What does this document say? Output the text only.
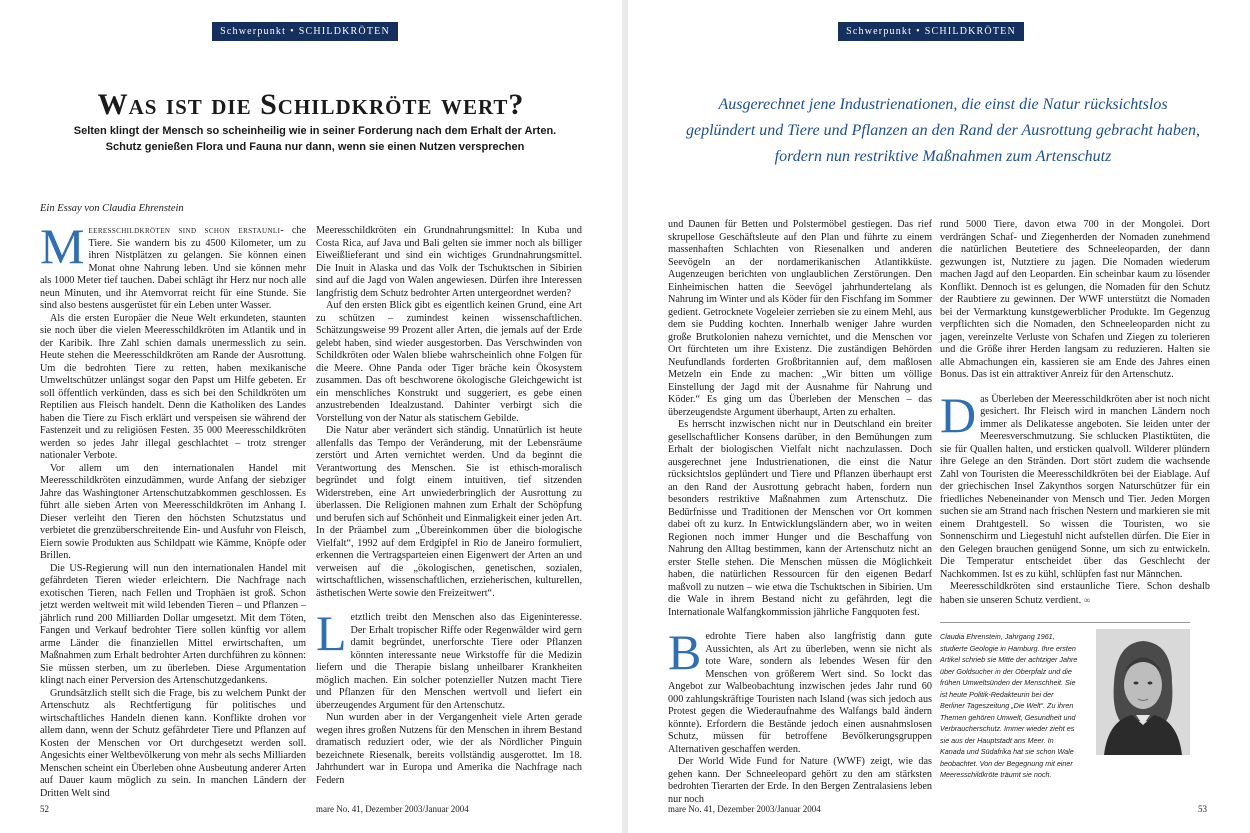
Schwerpunkt • SCHILDKRÖTEN
Was ist die Schildkröte wert?
Selten klingt der Mensch so scheinheilig wie in seiner Forderung nach dem Erhalt der Arten.
Schutz genießen Flora und Fauna nur dann, wenn sie einen Nutzen versprechen
Ein Essay von Claudia Ehrenstein

Meeresschildkröten sind schon erstaunli- che Tiere. Sie wandern bis zu 4500 Kilometer, um zu ihren Nistplätzen zu gelangen. Sie können einen Monat ohne Nahrung leben. Und sie können mehr als 1000 Meter tief tauchen. Dabei schlägt ihr Herz nur noch alle neun Minuten, und ihr Atemvorrat reicht für eine Stunde. Sie sind also bestens ausgerüstet für ein Leben unter Wasser.

Als die ersten Europäer die Neue Welt erkundeten, staunten sie noch über die vielen Meeresschildkröten im Atlantik und in der Karibik. Ihre Zahl schien damals unermesslich zu sein. Heute stehen die Meeresschildkröten am Rande der Ausrottung. Um die bedrohten Tiere zu retten, haben mexikanische Umweltschützer unlängst sogar den Papst um Hilfe gebeten. Er soll öffentlich verkünden, dass es sich bei den Schildkröten um Reptilien aus Fleisch handelt. Denn die Katholiken des Landes haben die Tiere zu Fisch erklärt und verspeisen sie während der Fastenzeit und zu religiösen Festen. 35 000 Meeresschildkröten werden so jedes Jahr illegal geschlachtet – trotz strenger nationaler Verbote.

Vor allem um den internationalen Handel mit Meeresschildkröten einzudämmen, wurde Anfang der siebziger Jahre das Washingtoner Artenschutzabkommen geschlossen. Es führt alle sieben Arten von Meeresschildkröten im Anhang I. Dieser verleiht den Tieren den höchsten Schutzstatus und verbietet die grenzüberschreitende Ein- und Ausfuhr von Fleisch, Eiern sowie Produkten aus Schildpatt wie Kämme, Knöpfe oder Brillen.

Die US-Regierung will nun den internationalen Handel mit gefährdeten Tieren wieder erleichtern. Die Nachfrage nach exotischen Tieren, nach Fellen und Trophäen ist groß. Schon jetzt werden weltweit mit wild lebenden Tieren – und Pflanzen – jährlich rund 200 Milliarden Dollar umgesetzt. Mit dem Töten, Fangen und Verkauf bedrohter Tiere sollen künftig vor allem arme Länder die finanziellen Mittel erwirtschaften, um Maßnahmen zum Erhalt bedrohter Arten durchführen zu können: Sie müssen sterben, um zu überleben. Diese Argumentation klingt nach einer Perversion des Artenschutzgedankens.

Grundsätzlich stellt sich die Frage, bis zu welchem Punkt der Artenschutz als Rechtfertigung für politisches und wirtschaftliches Handeln dienen kann. Konflikte drohen vor allem dann, wenn der Schutz gefährdeter Tiere und Pflanzen auf Kosten der Menschen vor Ort durchgesetzt werden soll. Angesichts einer Weltbevölkerung von mehr als sechs Milliarden Menschen scheint ein Überleben ohne Ausbeutung anderer Arten auf Dauer kaum möglich zu sein. In manchen Ländern der Dritten Welt sind

Meeresschildkröten ein Grundnahrungsmittel: In Kuba und Costa Rica, auf Java und Bali gelten sie immer noch als billiger Eiweißlieferant und sind ein wichtiges Grundnahrungsmittel. Die Inuit in Alaska und das Volk der Tschuktschen in Sibirien sind auf die Jagd von Walen angewiesen. Dürfen ihre Interessen langfristig dem Schutz bedrohter Arten untergeordnet werden?

Auf den ersten Blick gibt es eigentlich keinen Grund, eine Art zu schützen – zumindest keinen wissenschaftlichen. Schätzungsweise 99 Prozent aller Arten, die jemals auf der Erde gelebt haben, sind wieder ausgestorben. Das Verschwinden von Schildkröten oder Walen bliebe wahrscheinlich ohne Folgen für die Meere. Ohne Panda oder Tiger bräche kein Ökosystem zusammen. Das oft beschworene ökologische Gleichgewicht ist ein menschliches Konstrukt und suggeriert, es gebe einen anzustrebenden Idealzustand. Dahinter verbirgt sich die Vorstellung von der Natur als statischem Gebilde.

Die Natur aber verändert sich ständig. Unnatürlich ist heute allenfalls das Tempo der Veränderung, mit der Lebensräume zerstört und Arten vernichtet werden. Und da beginnt die Verantwortung des Menschen. Sie ist ethisch-moralisch begründet und folgt einem intuitiven, tief sitzenden Widerstreben, eine Art unwiederbringlich der Ausrottung zu überlassen. Die Religionen mahnen zum Erhalt der Schöpfung und berufen sich auf Schönheit und Einmaligkeit einer jeden Art. In der Präambel zum „Übereinkommen über die biologische Vielfalt“, 1992 auf dem Erdgipfel in Rio de Janeiro formuliert, erkennen die Vertragsparteien einen Eigenwert der Arten an und verweisen auf die „ökologischen, genetischen, sozialen, wirtschaftlichen, wissenschaftlichen, erzieherischen, kulturellen, ästhetischen Werte sowie den Freizeitwert“.

Letztlich treibt den Menschen also das Eigeninteresse. Der Erhalt tropischer Riffe oder Regenwälder wird gern damit begründet, unerforschte Tiere oder Pflanzen könnten interessante neue Wirkstoffe für die Medizin liefern und die Therapie bislang unheilbarer Krankheiten möglich machen. Ein solcher potenzieller Nutzen macht Tiere und Pflanzen für den Menschen wertvoll und liefert ein überzeugendes Argument für den Artenschutz.

Nun wurden aber in der Vergangenheit viele Arten gerade wegen ihres großen Nutzens für den Menschen in ihrem Bestand dramatisch reduziert oder, wie der als Nördlicher Pinguin bezeichnete Riesenalk, bereits vollständig ausgerottet. Im 18. Jahrhundert war in Europa und Amerika die Nachfrage nach Federn

52	mare No. 41, Dezember 2003/Januar 2004
Schwerpunkt • SCHILDKRÖTEN
Ausgerechnet jene Industrienationen, die einst die Natur rücksichtslos
geplündert und Tiere und Pflanzen an den Rand der Ausrottung gebracht haben,
fordern nun restriktive Maßnahmen zum Artenschutz

und Daunen für Betten und Polstermöbel gestiegen. Das rief skrupellose Geschäftsleute auf den Plan und führte zu einem massenhaften Schlachten von Riesenalken und anderen Seevögeln an der nordamerikanischen Atlantikküste. Augenzeugen berichten von unglaublichen Zerstörungen. Den Einheimischen hatten die Seevögel jahrhundertelang als Nahrung im Winter und als Köder für den Fischfang im Sommer gedient. Getrocknete Vogeleier zerrieben sie zu einem Mehl, aus dem sie Pudding kochten. Innerhalb weniger Jahre wurden große Brutkolonien nahezu vernichtet, und die Menschen vor Ort fürchteten um ihre Existenz. Die zuständigen Behörden Neufundlands forderten Großbritannien auf, dem maßlosen Metzeln ein Ende zu machen: „Wir bitten um völlige Einstellung der Jagd mit der Ausnahme für Nahrung und Köder.“ Es ging um das Überleben der Menschen – das überzeugendste Argument überhaupt, Arten zu erhalten.

Es herrscht inzwischen nicht nur in Deutschland ein breiter gesellschaftlicher Konsens darüber, in den Bemühungen zum Erhalt der biologischen Vielfalt nicht nachzulassen. Doch ausgerechnet jene Industrienationen, die einst die Natur rücksichtslos geplündert und Tiere und Pflanzen überhaupt erst an den Rand der Ausrottung gebracht haben, fordern nun besonders restriktive Maßnahmen zum Artenschutz. Die Bedürfnisse und Traditionen der Menschen vor Ort kommen dabei oft zu kurz. In Entwicklungsländern aber, wo in weiten Regionen noch immer Hunger und die Beschaffung von Nahrung den Alltag bestimmen, kann der Artenschutz nicht an erster Stelle stehen. Die Menschen müssen die Möglichkeit haben, die natürlichen Ressourcen für den eigenen Bedarf maßvoll zu nutzen – wie etwa die Tschuktschen in Sibirien. Um die Wale in ihrem Bestand nicht zu gefährden, legt die Internationale Walfangkommission jährliche Fangquoten fest.

Bedrohte Tiere haben also langfristig dann gute Aussichten, als Art zu überleben, wenn sie nicht als tote Ware, sondern als lebendes Wesen für den Menschen von größerem Wert sind. So lockt das Angebot zur Walbeobachtung inzwischen jedes Jahr rund 60 000 zahlungskräftige Touristen nach Island (was sich jedoch aus Protest gegen die Wiederaufnahme des Walfangs bald ändern könnte). Erfordern die Bestände jedoch einen ausnahmslosen Schutz, müssen für betroffene Bevölkerungsgruppen Alternativen geschaffen werden.

Der World Wide Fund for Nature (WWF) zeigt, wie das gehen kann. Der Schneeleopard gehört zu den am stärksten bedrohten Tierarten der Erde. In den Bergen Zentralasiens leben nur noch

rund 5000 Tiere, davon etwa 700 in der Mongolei. Dort verdrängen Schaf- und Ziegenherden der Nomaden zunehmend die natürlichen Beutetiere des Schneeleoparden, der dann gezwungen ist, Nutztiere zu jagen. Die Nomaden wiederum machen Jagd auf den Leoparden. Ein scheinbar kaum zu lösender Konflikt. Dennoch ist es gelungen, die Nomaden für den Schutz der Raubtiere zu gewinnen. Der WWF unterstützt die Nomaden bei der Vermarktung kunstgewerblicher Produkte. Im Gegenzug verpflichten sich die Nomaden, den Schneeleoparden nicht zu jagen, vereinzelte Verluste von Schafen und Ziegen zu tolerieren und die Größe ihrer Herden langsam zu reduzieren. Halten sie alle Abmachungen ein, kassieren sie am Ende des Jahres einen Bonus. Das ist ein attraktiver Anreiz für den Artenschutz.

Das Überleben der Meeresschildkröten aber ist noch nicht gesichert. Ihr Fleisch wird in manchen Ländern noch immer als Delikatesse angeboten. Sie leiden unter der Meeresverschmutzung. Sie schlucken Plastiktüten, die sie für Quallen halten, und ersticken qualvoll. Wilderer plündern ihre Gelege an den Stränden. Dort stört zudem die wachsende Zahl von Touristen die Meeresschildkröten bei der Eiablage. Auf der griechischen Insel Zakynthos sorgen Naturschützer für ein friedliches Nebeneinander von Mensch und Tier. Jeden Morgen suchen sie am Strand nach frischen Nestern und markieren sie mit einem Drahtgestell. So wissen die Touristen, wo sie Sonnenschirm und Liegestuhl nicht aufstellen dürfen. Die Eier in den Gelegen brauchen genügend Sonne, um sich zu entwickeln. Die Temperatur entscheidet über das Geschlecht der Nachkommen. Ist es zu kühl, schlüpfen fast nur Männchen.

Meeresschildkröten sind erstaunliche Tiere. Schon deshalb haben sie unseren Schutz verdient. ∞

mare No. 41, Dezember 2003/Januar 2004	53
Claudia Ehrenstein, Jahrgang 1961, studierte Geologie in Hamburg. Ihre ersten Artikel schrieb sie Mitte der achtziger Jahre über Goldsucher in der Oberpfalz und die frühen Umweltsünden der Menschheit. Sie ist heute Politik-Redakteurin bei der Berliner Tageszeitung „Die Welt“. Zu ihren Themen gehören Umwelt, Gesundheit und Verbraucherschutz. Immer wieder zieht es sie aus der Hauptstadt ans Meer. In Kanada und Südafrika hat sie schon Wale beobachtet. Von der Begegnung mit einer Meeresschildkröte träumt sie noch.
